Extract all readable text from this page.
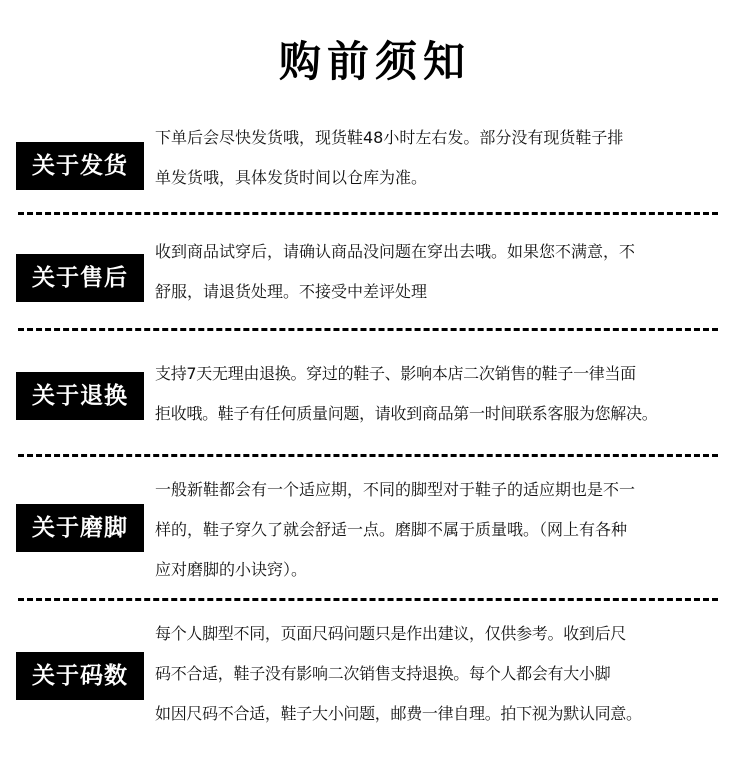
购前须知
关于发货
下单后会尽快发货哦，现货鞋48小时左右发。部分没有现货鞋子排
单发货哦，具体发货时间以仓库为准。
关于售后
收到商品试穿后，请确认商品没问题在穿出去哦。如果您不满意，不
舒服，请退货处理。不接受中差评处理
关于退换
支持7天无理由退换。穿过的鞋子、影响本店二次销售的鞋子一律当面
拒收哦。鞋子有任何质量问题，请收到商品第一时间联系客服为您解决。
关于磨脚
一般新鞋都会有一个适应期，不同的脚型对于鞋子的适应期也是不一
样的，鞋子穿久了就会舒适一点。磨脚不属于质量哦。（网上有各种
应对磨脚的小诀窍）。
关于码数
每个人脚型不同，页面尺码问题只是作出建议，仅供参考。收到后尺
码不合适，鞋子没有影响二次销售支持退换。每个人都会有大小脚
如因尺码不合适，鞋子大小问题，邮费一律自理。拍下视为默认同意。
